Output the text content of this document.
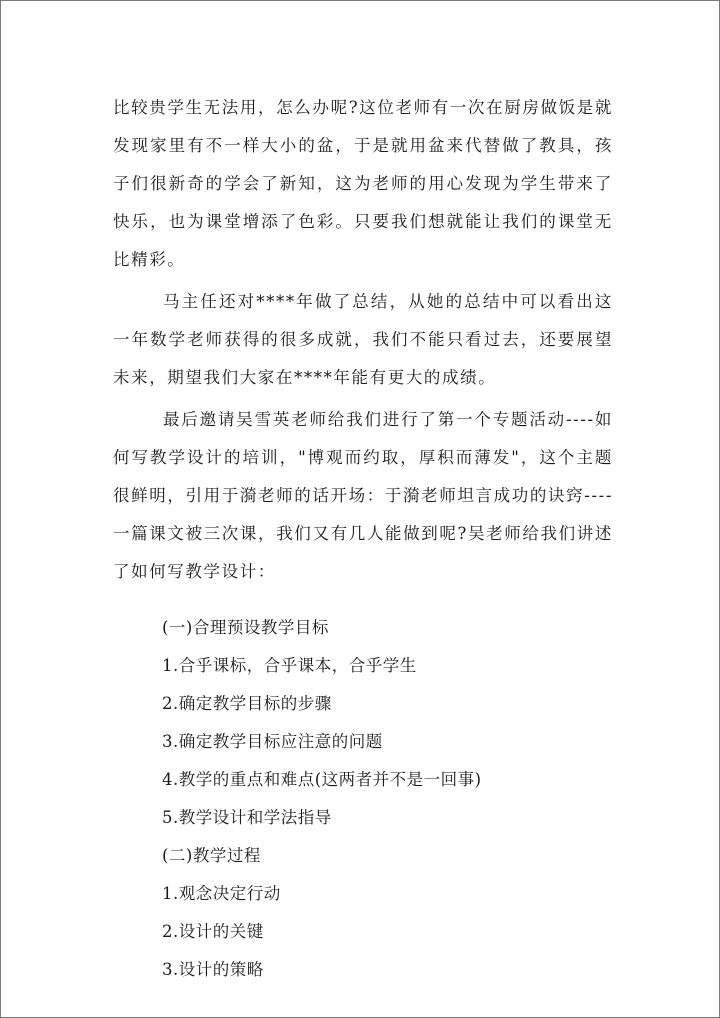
比较贵学生无法用，怎么办呢?这位老师有一次在厨房做饭是就发现家里有不一样大小的盆，于是就用盆来代替做了教具，孩子们很新奇的学会了新知，这为老师的用心发现为学生带来了快乐，也为课堂增添了色彩。只要我们想就能让我们的课堂无比精彩。

马主任还对****年做了总结，从她的总结中可以看出这一年数学老师获得的很多成就，我们不能只看过去，还要展望未来，期望我们大家在****年能有更大的成绩。

最后邀请吴雪英老师给我们进行了第一个专题活动----如何写教学设计的培训，"博观而约取，厚积而薄发"，这个主题很鲜明，引用于漪老师的话开场：于漪老师坦言成功的诀窍----一篇课文被三次课，我们又有几人能做到呢?吴老师给我们讲述了如何写教学设计：

(一)合理预设教学目标
1.合乎课标，合乎课本，合乎学生
2.确定教学目标的步骤
3.确定教学目标应注意的问题
4.教学的重点和难点(这两者并不是一回事)
5.教学设计和学法指导
(二)教学过程
1.观念决定行动
2.设计的关键
3.设计的策略
